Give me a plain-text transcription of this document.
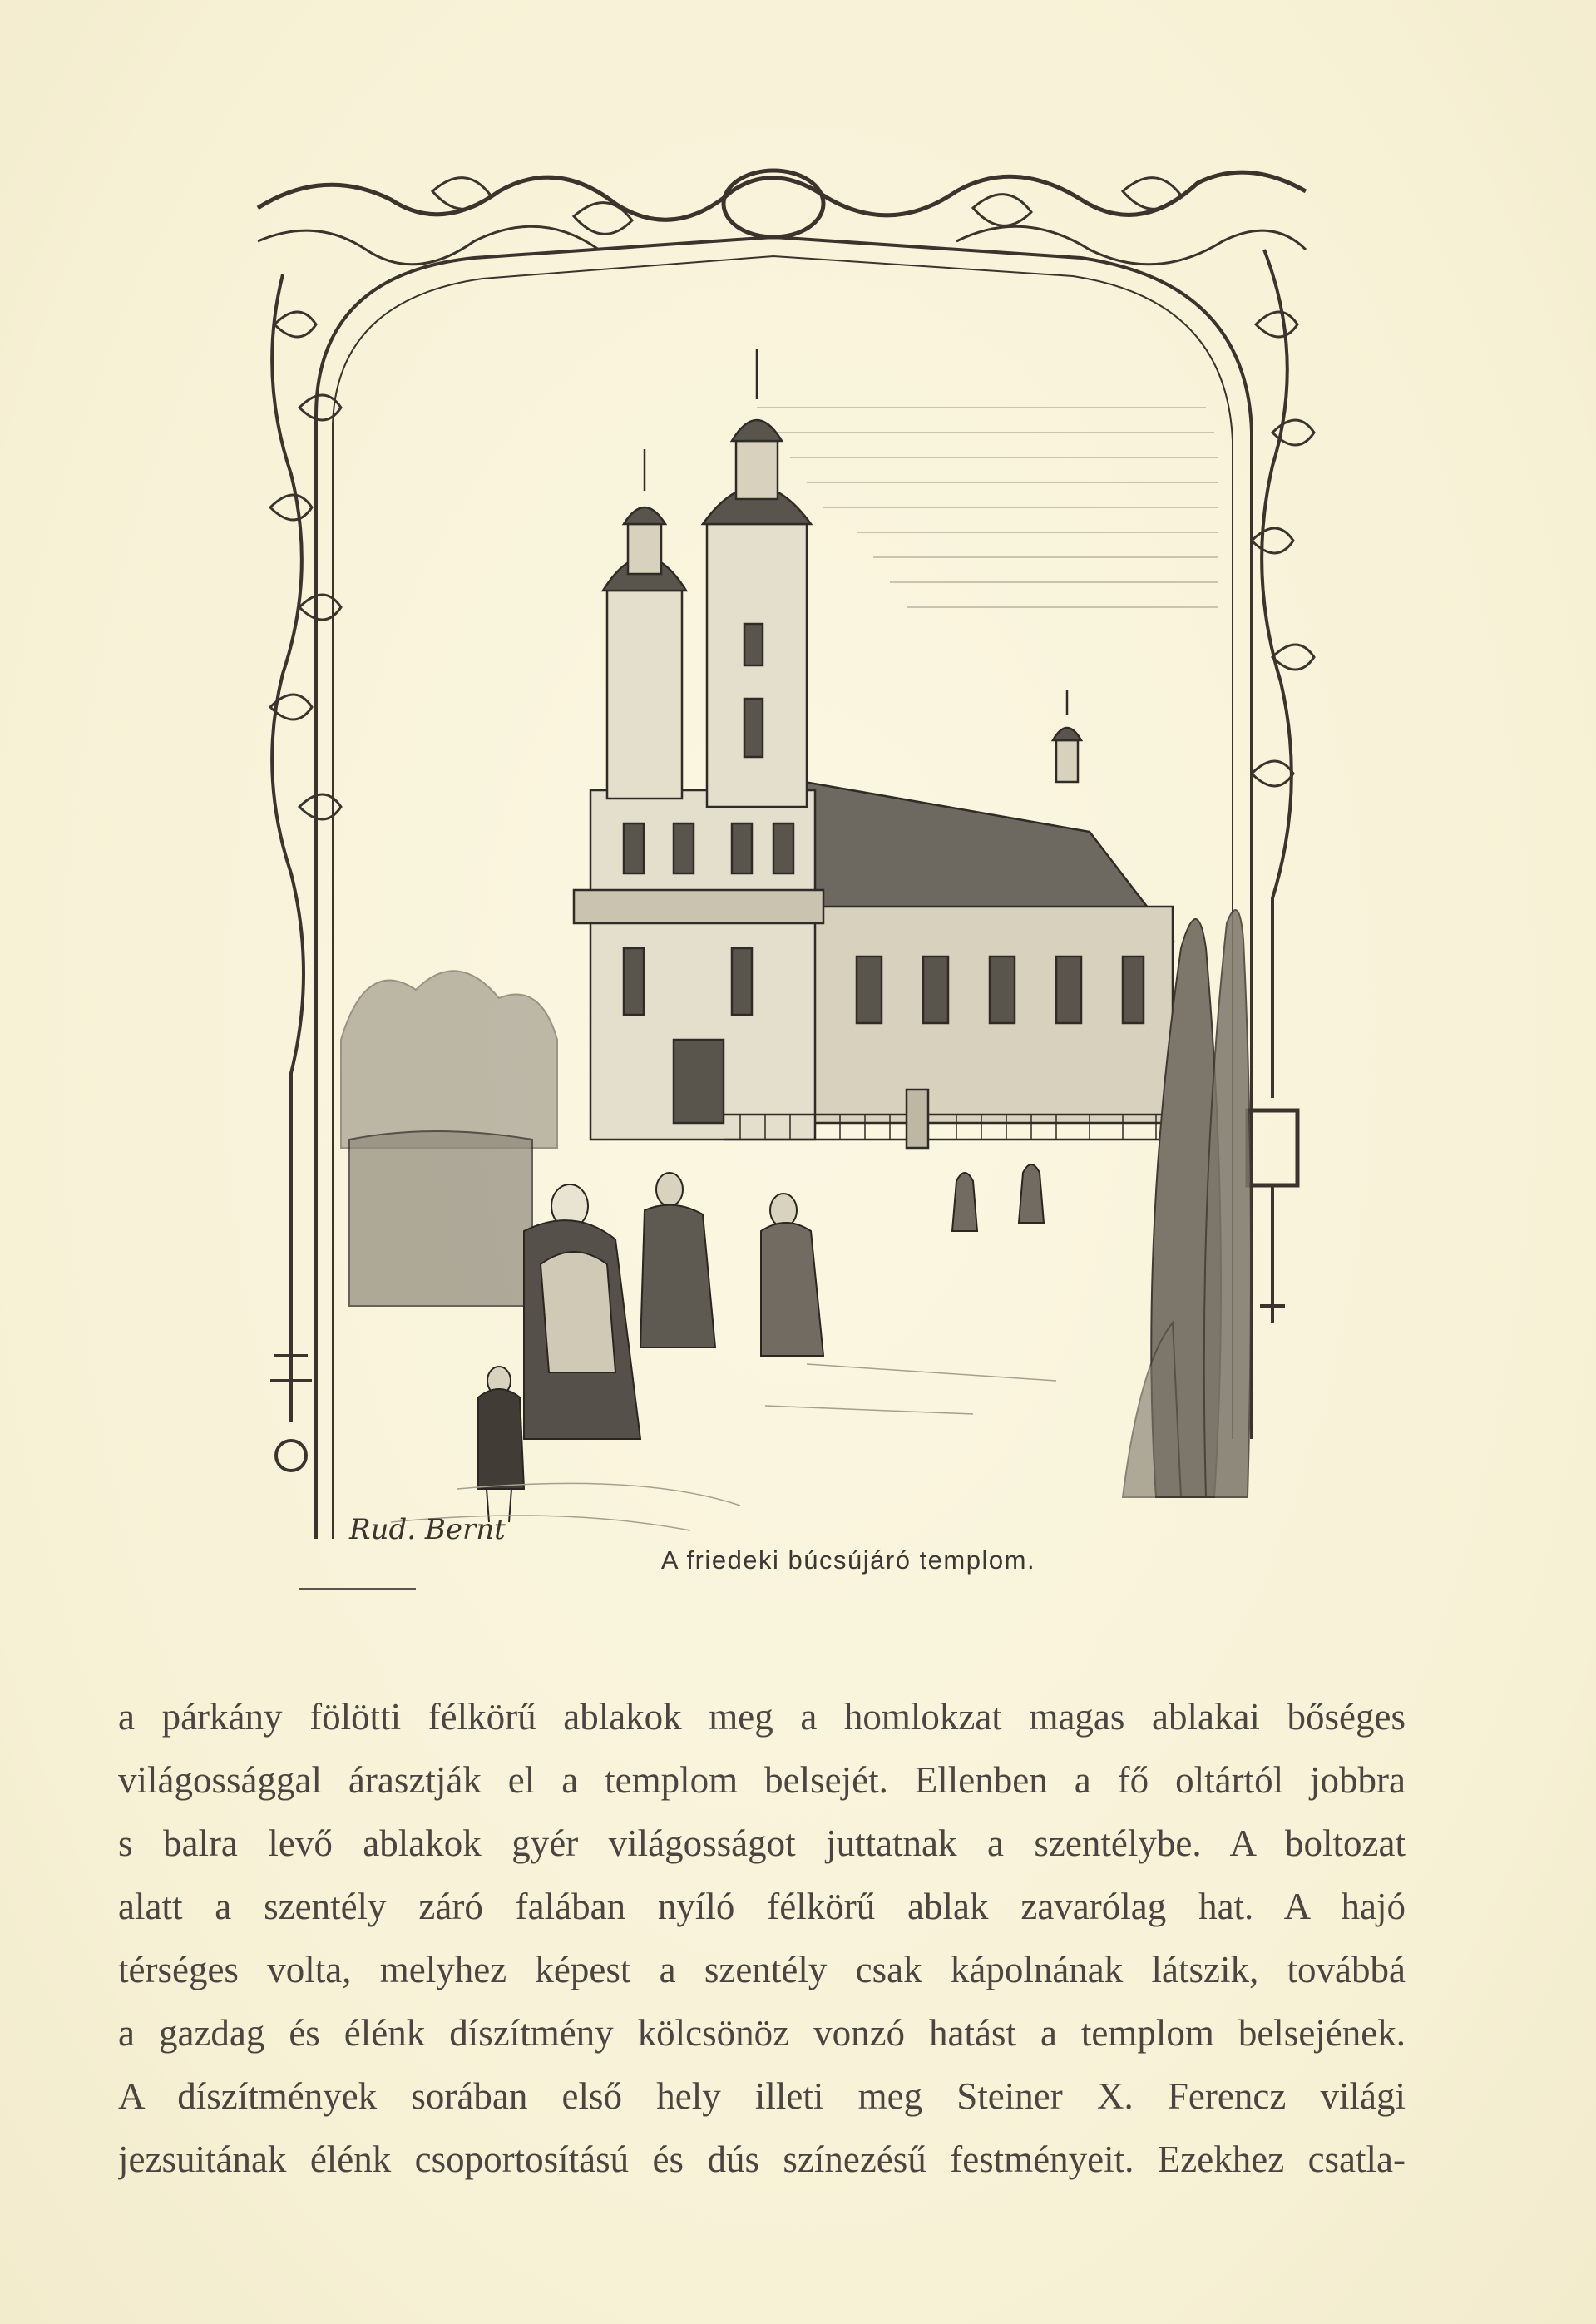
Rud. Bernt
A friedeki búcsújáró templom.
a párkány fölötti félkörű ablakok meg a homlokzat magas ablakai bőséges
világossággal árasztják el a templom belsejét. Ellenben a fő oltártól jobbra
s balra levő ablakok gyér világosságot juttatnak a szentélybe. A boltozat
alatt a szentély záró falában nyíló félkörű ablak zavarólag hat. A hajó
térséges volta, melyhez képest a szentély csak kápolnának látszik, továbbá
a gazdag és élénk díszítmény kölcsönöz vonzó hatást a templom belsejének.
A díszítmények sorában első hely illeti meg Steiner X. Ferencz világi
jezsuitának élénk csoportosítású és dús színezésű festményeit. Ezekhez csatla-
